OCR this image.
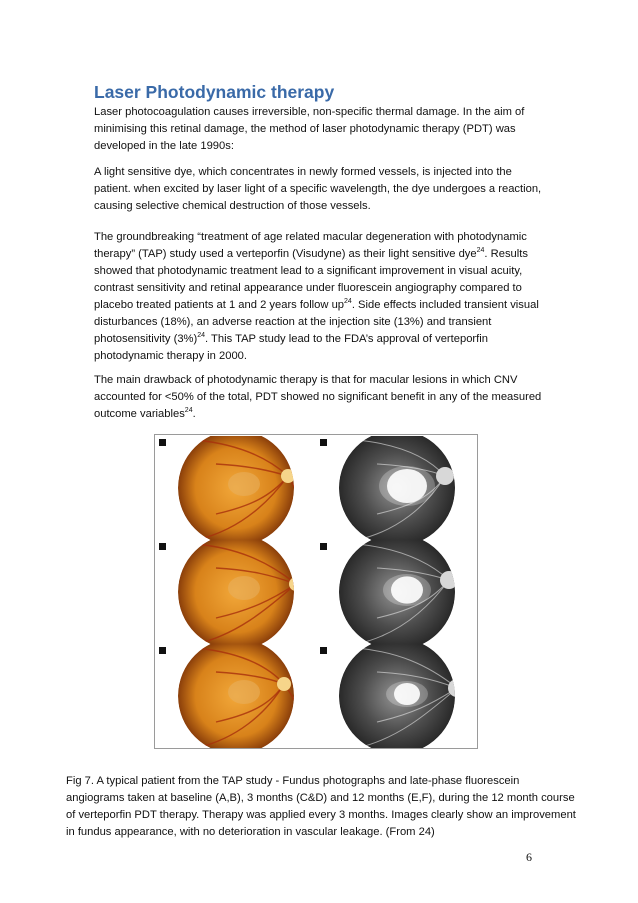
Laser Photodynamic therapy
Laser photocoagulation causes irreversible, non-specific thermal damage. In the aim of minimising this retinal damage, the method of laser photodynamic therapy (PDT) was developed in the late 1990s:
A light sensitive dye, which concentrates in newly formed vessels, is injected into the patient. when excited by laser light of a specific wavelength, the dye undergoes a reaction, causing selective chemical destruction of those vessels.
The groundbreaking “treatment of age related macular degeneration with photodynamic therapy” (TAP) study used a verteporfin (Visudyne) as their light sensitive dye$^{24}$. Results showed that photodynamic treatment lead to a significant improvement in visual acuity, contrast sensitivity and retinal appearance under fluorescein angiography compared to placebo treated patients at 1 and 2 years follow $up^{24}$. Side effects included transient visual disturbances (18%), an adverse reaction at the injection site (13%) and transient photosensitivity $(3\%)^{24}$. This TAP study lead to the FDA’s approval of verteporfin photodynamic therapy in 2000.
The main drawback of photodynamic therapy is that for macular lesions in which CNV accounted for <50% of the total, PDT showed no significant benefit in any of the measured outcome variables$^{24}$.
Fig 7. A typical patient from the TAP study - Fundus photographs and late-phase fluorescein angiograms taken at baseline (A,B), 3 months (C&D) and 12 months (E,F), during the 12 month course of verteporfin PDT therapy. Therapy was applied every 3 months. Images clearly show an improvement in fundus appearance, with no deterioration in vascular leakage. (From 24)
6
